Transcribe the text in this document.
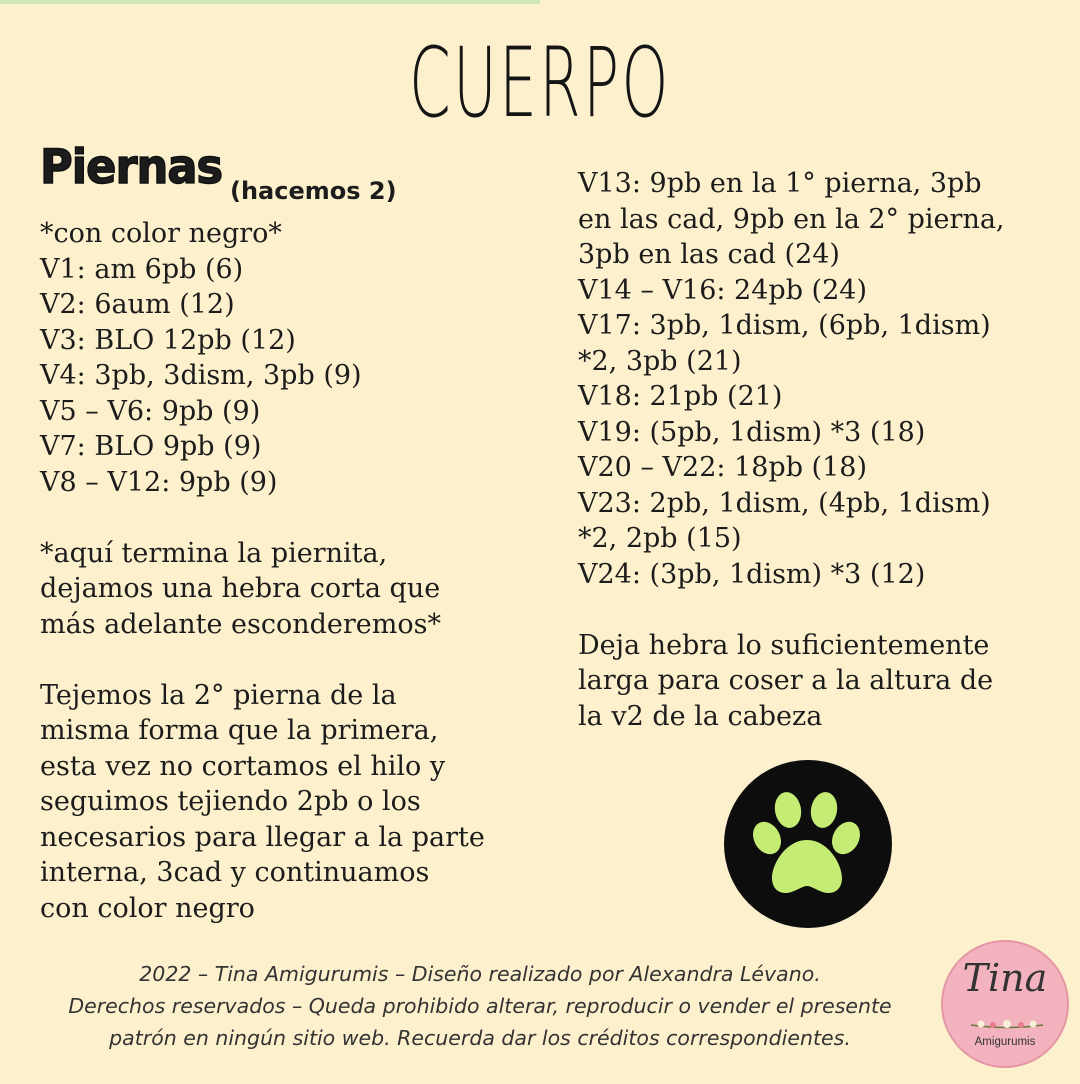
CUERPO
Piernas (hacemos 2)
*con color negro*
V1: am 6pb (6)
V2: 6aum (12)
V3: BLO 12pb (12)
V4: 3pb, 3dism, 3pb (9)
V5 – V6: 9pb (9)
V7: BLO 9pb (9)
V8 – V12: 9pb (9)
*aquí termina la piernita,
dejamos una hebra corta que
más adelante esconderemos*
Tejemos la 2° pierna de la
misma forma que la primera,
esta vez no cortamos el hilo y
seguimos tejiendo 2pb o los
necesarios para llegar a la parte
interna, 3cad y continuamos
con color negro
V13: 9pb en la 1° pierna, 3pb
en las cad, 9pb en la 2° pierna,
3pb en las cad (24)
V14 – V16: 24pb (24)
V17: 3pb, 1dism, (6pb, 1dism)
*2, 3pb (21)
V18: 21pb (21)
V19: (5pb, 1dism) *3 (18)
V20 – V22: 18pb (18)
V23: 2pb, 1dism, (4pb, 1dism)
*2, 2pb (15)
V24: (3pb, 1dism) *3 (12)
Deja hebra lo suficientemente
larga para coser a la altura de
la v2 de la cabeza
2022 – Tina Amigurumis – Diseño realizado por Alexandra Lévano.
Derechos reservados – Queda prohibido alterar, reproducir o vender el presente
patrón en ningún sitio web. Recuerda dar los créditos correspondientes.
Tina
Amigurumis
